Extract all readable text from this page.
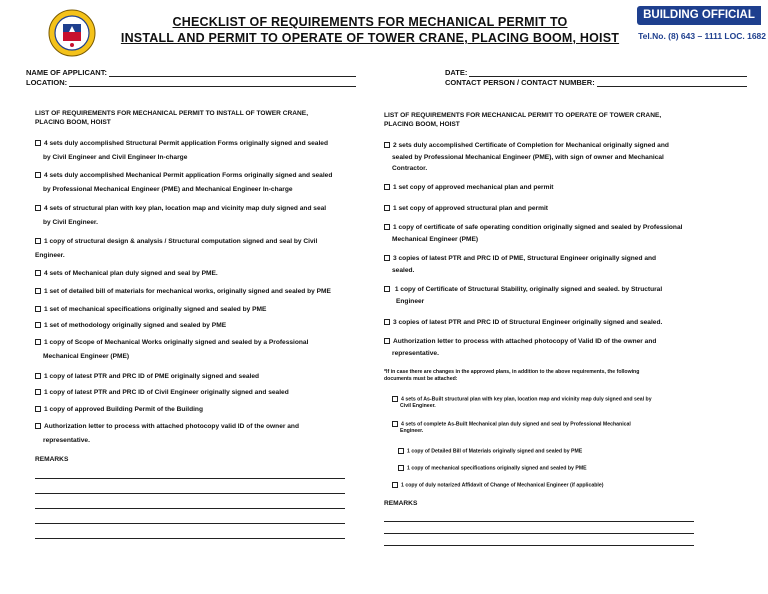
CHECKLIST OF REQUIREMENTS FOR MECHANICAL PERMIT TO
INSTALL AND PERMIT TO OPERATE OF TOWER CRANE, PLACING BOOM, HOIST
BUILDING OFFICIAL
Tel.No. (8) 643 – 1111 LOC. 1682
NAME OF APPLICANT:
LOCATION:
DATE:
CONTACT PERSON / CONTACT NUMBER:
LIST OF REQUIREMENTS FOR MECHANICAL PERMIT TO INSTALL OF TOWER CRANE,
PLACING BOOM, HOIST
4 sets duly accomplished Structural Permit application Forms originally signed and sealed
by Civil Engineer and Civil Engineer In-charge
4 sets duly accomplished Mechanical Permit application Forms originally signed and sealed
by Professional Mechanical Engineer (PME) and Mechanical Engineer In-charge
4 sets of structural plan with key plan, location map and vicinity map duly signed and seal
by Civil Engineer.
1 copy of structural design & analysis / Structural computation signed and seal by Civil
Engineer.
4 sets of Mechanical plan duly signed and seal by PME.
1 set of detailed bill of materials for mechanical works, originally signed and sealed by PME
1 set of mechanical specifications originally signed and sealed by PME
1 set of methodology originally signed and sealed by PME
1 copy of Scope of Mechanical Works originally signed and sealed by a Professional
Mechanical Engineer (PME)
1 copy of latest PTR and PRC ID of PME originally signed and sealed
1 copy of latest PTR and PRC ID of Civil Engineer originally signed and sealed
1 copy of approved Building Permit of the Building
Authorization letter to process with attached photocopy valid ID of the owner and
representative.
REMARKS
LIST OF REQUIREMENTS FOR MECHANICAL PERMIT TO OPERATE OF TOWER CRANE,
PLACING BOOM, HOIST
2 sets duly accomplished Certificate of Completion for Mechanical originally signed and
sealed by Professional Mechanical Engineer (PME), with sign of owner and Mechanical
Contractor.
1 set copy of approved mechanical plan and permit
1 set copy of approved structural plan and permit
1 copy of certificate of safe operating condition originally signed and sealed by Professional
Mechanical Engineer (PME)
3 copies of latest PTR and PRC ID of PME, Structural Engineer originally signed and
sealed.
1 copy of Certificate of Structural Stability, originally signed and sealed. by Structural
Engineer
3 copies of latest PTR and PRC ID of Structural Engineer originally signed and sealed.
Authorization letter to process with attached photocopy of Valid ID of the owner and
representative.
*If in case there are changes in the approved plans, in addition to the above requirements, the following
documents must be attached:
4 sets of As-Built structural plan with key plan, location map and vicinity map duly signed and seal by
Civil Engineer.
4 sets of complete As-Built Mechanical plan duly signed and seal by Professional Mechanical
Engineer.
1 copy of Detailed Bill of Materials originally signed and sealed by PME
1 copy of mechanical specifications originally signed and sealed by PME
1 copy of duly notarized Affidavit of Change of Mechanical Engineer (if applicable)
REMARKS
